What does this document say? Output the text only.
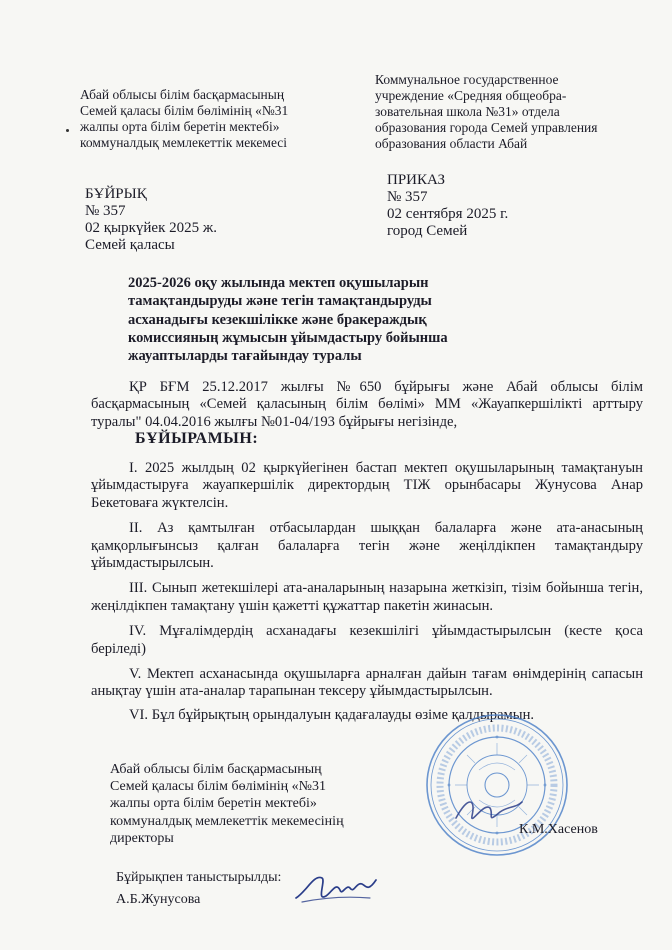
Абай облысы білім басқармасының
Семей қаласы білім бөлімінің «№31
жалпы орта білім беретін мектебі»
коммуналдық мемлекеттік мекемесі
Коммунальное государственное
учреждение «Средняя общеобра-
зовательная школа №31» отдела
образования города Семей управления
образования области Абай
БҰЙРЫҚ
№ 357
02 қыркүйек 2025 ж.
Семей қаласы
ПРИКАЗ
№ 357
02 сентября 2025 г.
город Семей
2025-2026 оқу жылында мектеп оқушыларын
тамақтандыруды және тегін тамақтандыруды
асханадығы кезекшілікке және бракераждық
комиссияның жұмысын ұйымдастыру бойынша
жауаптыларды тағайындау туралы

ҚР БҒМ 25.12.2017 жылғы №650 бұйрығы және Абай облысы білім басқармасының «Семей қаласының білім бөлімі» ММ «Жауапкершілікті арттыру туралы" 04.04.2016 жылғы №01-04/193 бұйрығы негізінде,

БҰЙЫРАМЫН:

І. 2025 жылдың 02 қыркүйегінен бастап мектеп оқушыларының тамақтануын ұйымдастыруға жауапкершілік директордың ТІЖ орынбасары Жунусова Анар Бекетоваға жүктелсін.

ІІ. Аз қамтылған отбасылардан шыққан балаларға және ата-анасының қамқорлығынсыз қалған балаларға тегін және жеңілдікпен тамақтандыру ұйымдастырылсын.

ІІІ. Сынып жетекшілері ата-аналарының назарына жеткізіп, тізім бойынша тегін, жеңілдікпен тамақтану үшін қажетті құжаттар пакетін жинасын.

IV. Мұғалімдердің асханадағы кезекшілігі ұйымдастырылсын (кесте қоса беріледі)

V. Мектеп асханасында оқушыларға арналған дайын тағам өнімдерінің сапасын анықтау үшін ата-аналар тарапынан тексеру ұйымдастырылсын.

VI. Бұл бұйрықтың орындалуын қадағалауды өзіме қалдырамын.

Абай облысы білім басқармасының
Семей қаласы білім бөлімінің «№31
жалпы орта білім беретін мектебі»
коммуналдық мемлекеттік мекемесінің
директоры
К.М.Хасенов
Бұйрықпен таныстырылды:
А.Б.Жунусова
